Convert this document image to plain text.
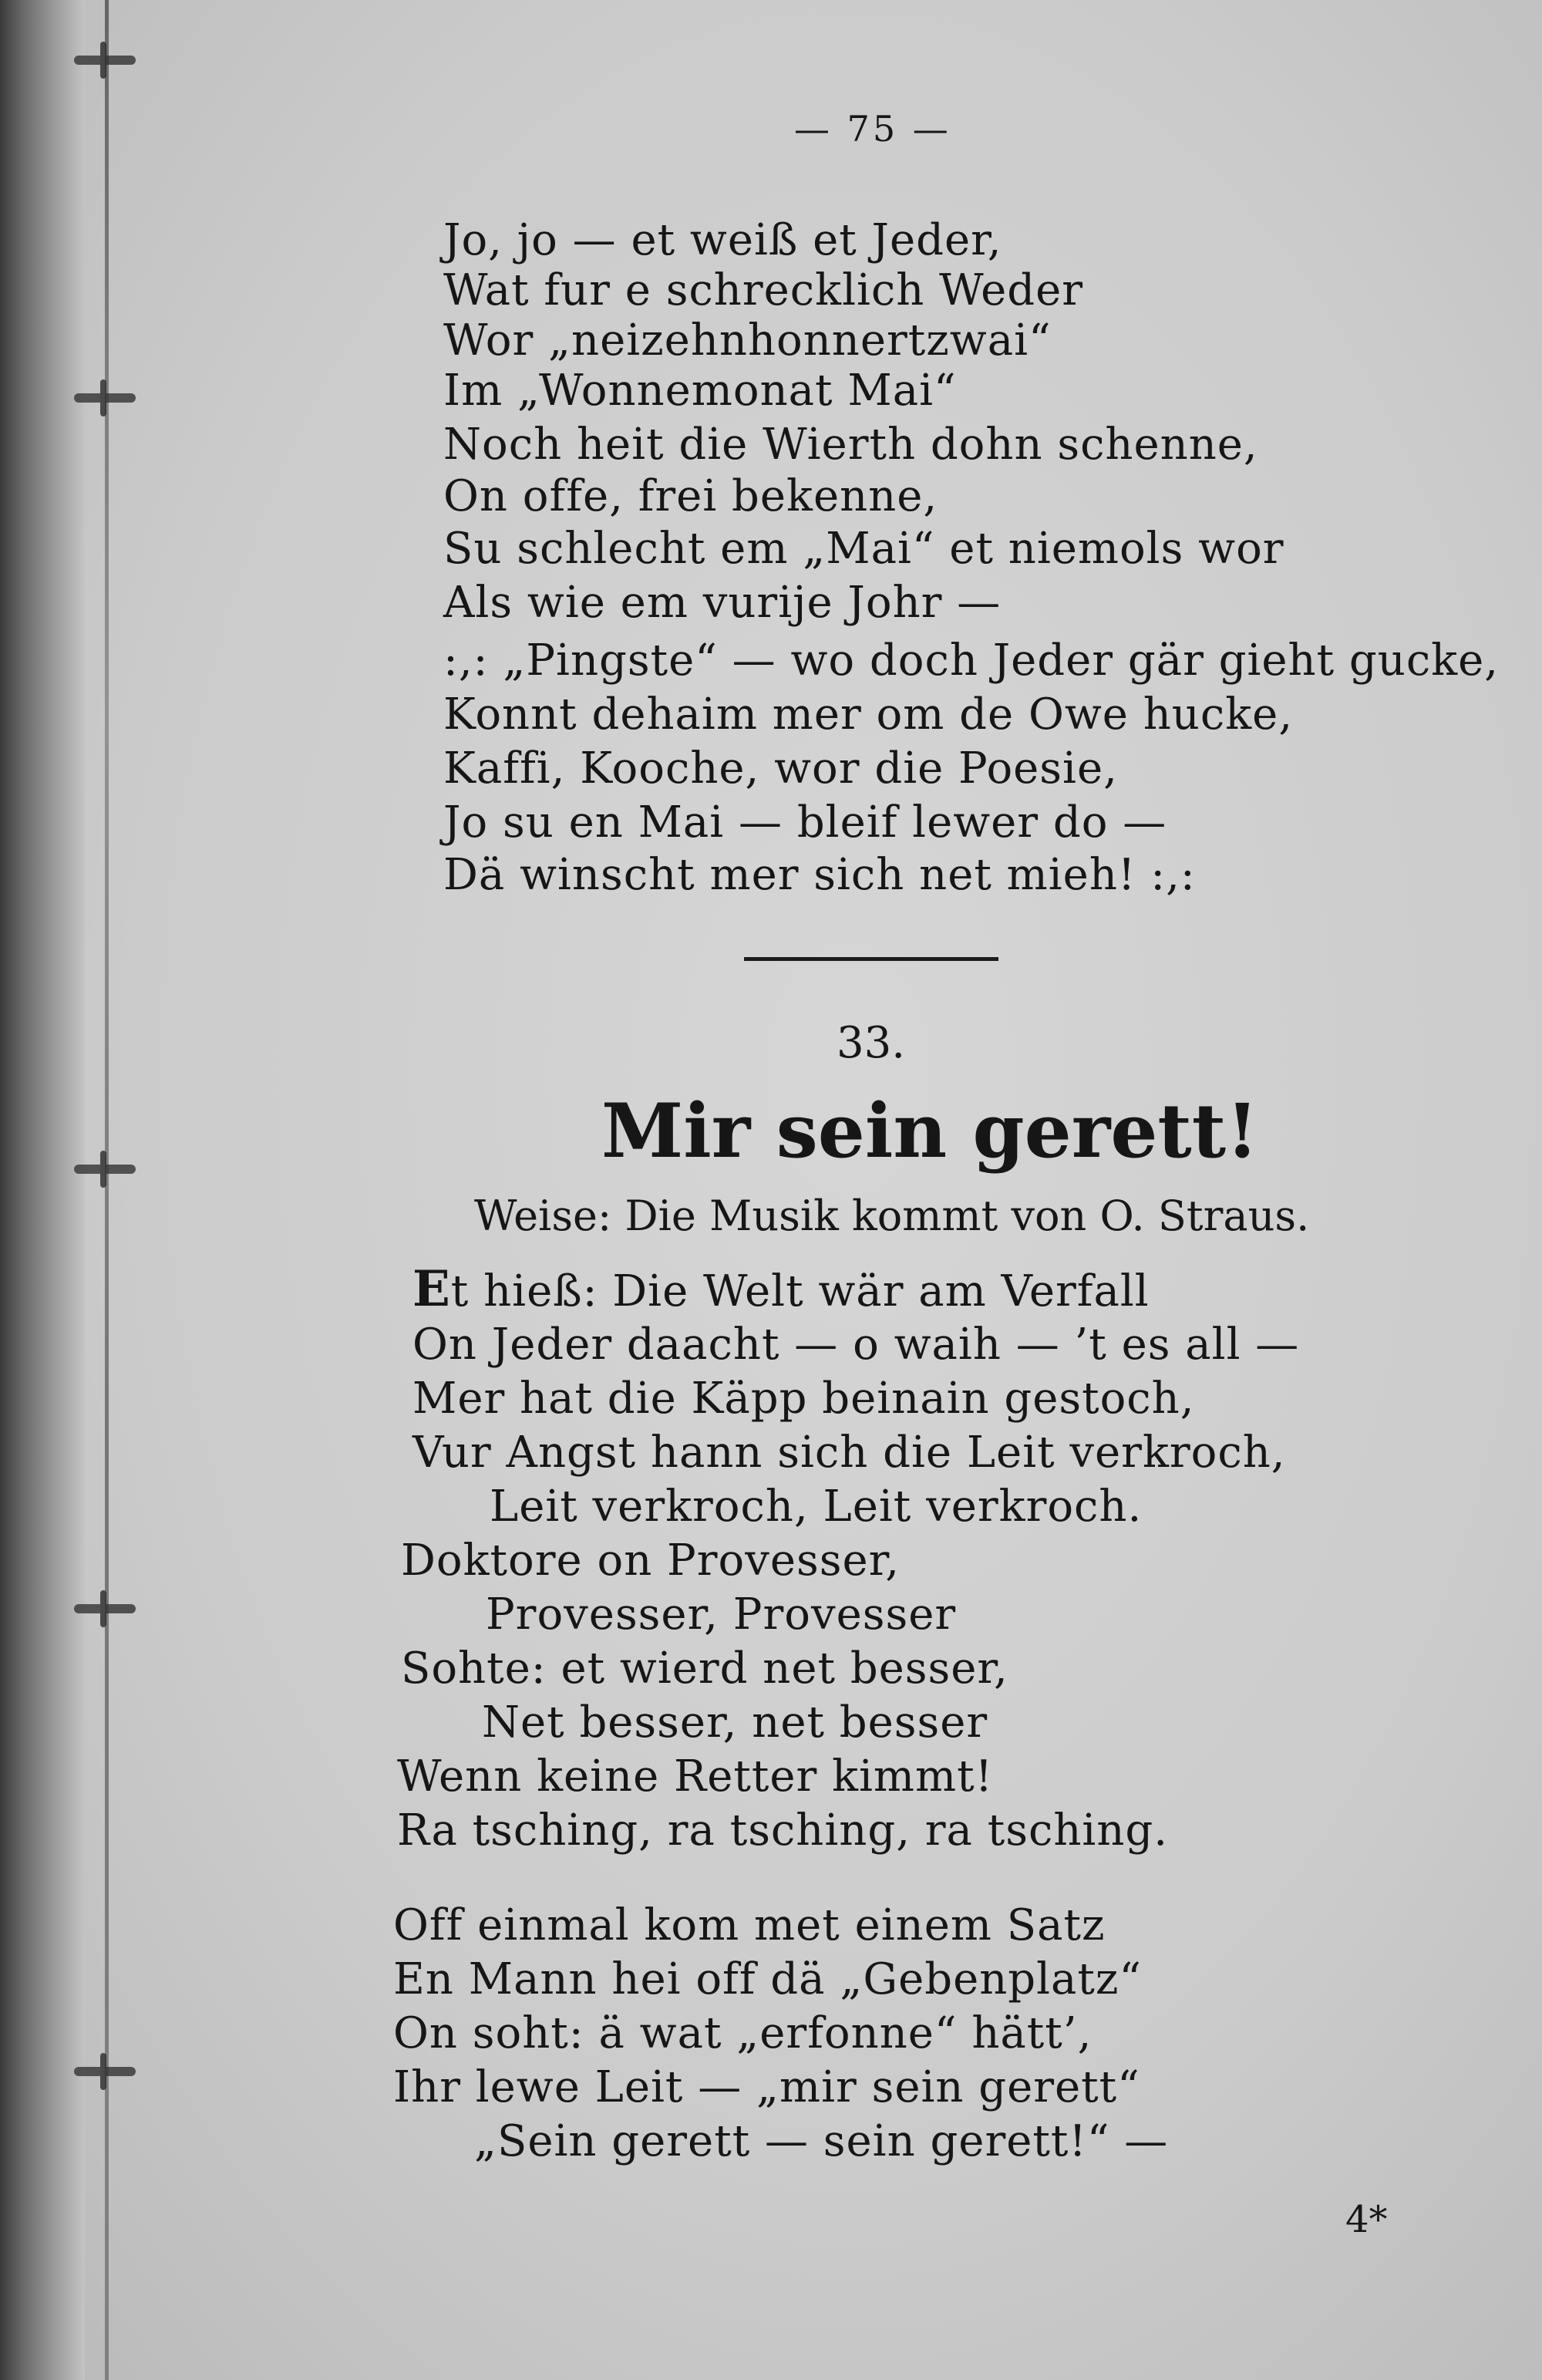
— 75 —
Jo, jo — et weiß et Jeder,
Wat fur e schrecklich Weder
Wor „neizehnhonnertzwai“
Im „Wonnemonat Mai“
Noch heit die Wierth dohn schenne,
On offe, frei bekenne,
Su schlecht em „Mai“ et niemols wor
Als wie em vurije Johr —
:,: „Pingste“ — wo doch Jeder gär gieht gucke,
Konnt dehaim mer om de Owe hucke,
Kaffi, Kooche, wor die Poesie,
Jo su en Mai — bleif lewer do —
Dä winscht mer sich net mieh! :,:
33.
Mir sein gerett!
Weise: Die Musik kommt von O. Straus.
Et hieß: Die Welt wär am Verfall
On Jeder daacht — o waih — ’t es all —
Mer hat die Käpp beinain gestoch,
Vur Angst hann sich die Leit verkroch,
Leit verkroch, Leit verkroch.
Doktore on Provesser,
Provesser, Provesser
Sohte: et wierd net besser,
Net besser, net besser
Wenn keine Retter kimmt!
Ra tsching, ra tsching, ra tsching.
Off einmal kom met einem Satz
En Mann hei off dä „Gebenplatz“
On soht: ä wat „erfonne“ hätt’,
Ihr lewe Leit — „mir sein gerett“
„Sein gerett — sein gerett!“ —
4*
